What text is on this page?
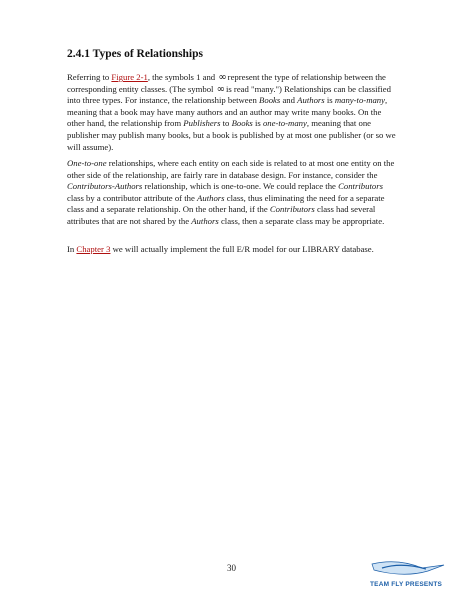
2.4.1 Types of Relationships

Referring to Figure 2-1, the symbols 1 and ∞represent the type of relationship between the corresponding entity classes. (The symbol ∞is read "many.") Relationships can be classified into three types. For instance, the relationship between Books and Authors is many-to-many, meaning that a book may have many authors and an author may write many books. On the other hand, the relationship from Publishers to Books is one-to-many, meaning that one publisher may publish many books, but a book is published by at most one publisher (or so we will assume).

One-to-one relationships, where each entity on each side is related to at most one entity on the other side of the relationship, are fairly rare in database design. For instance, consider the Contributors-Authors relationship, which is one-to-one. We could replace the Contributors class by a contributor attribute of the Authors class, thus eliminating the need for a separate class and a separate relationship. On the other hand, if the Contributors class had several attributes that are not shared by the Authors class, then a separate class may be appropriate.

In Chapter 3 we will actually implement the full E/R model for our LIBRARY database.

30
TEAM FLY PRESENTS
